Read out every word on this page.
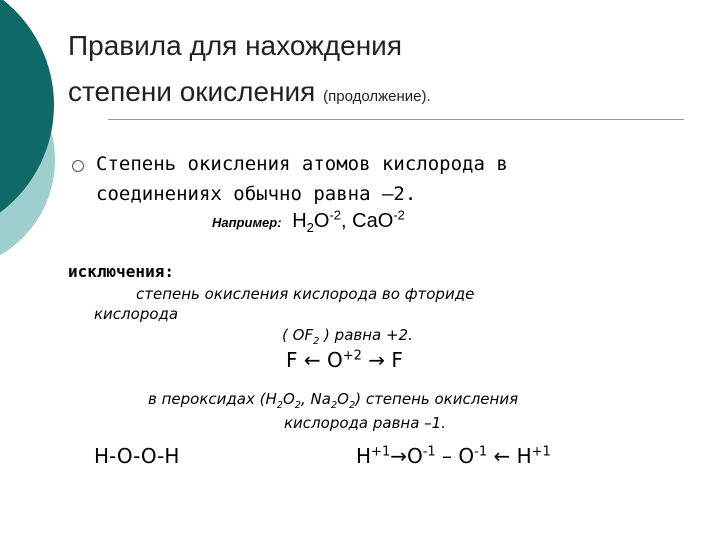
Правила для нахождения
степени окисления (продолжение).
Степень окисления атомов кислорода в
соединениях обычно равна –2.
Например: $H_2O^{-2}$, CaO$^{-2}$
исключения:
степень окисления кислорода во фториде
кислорода
( $OF_2$ ) равна +2.
F ← $O^{+2} \to F$
в пероксидах ($H_2O_2$, $Na_2O_2$) степень окисления
кислорода равна –1.
H-O-O-H	$H^{+1}\to O^{-1} - O^{-1}$ ← $H^{+1}$
